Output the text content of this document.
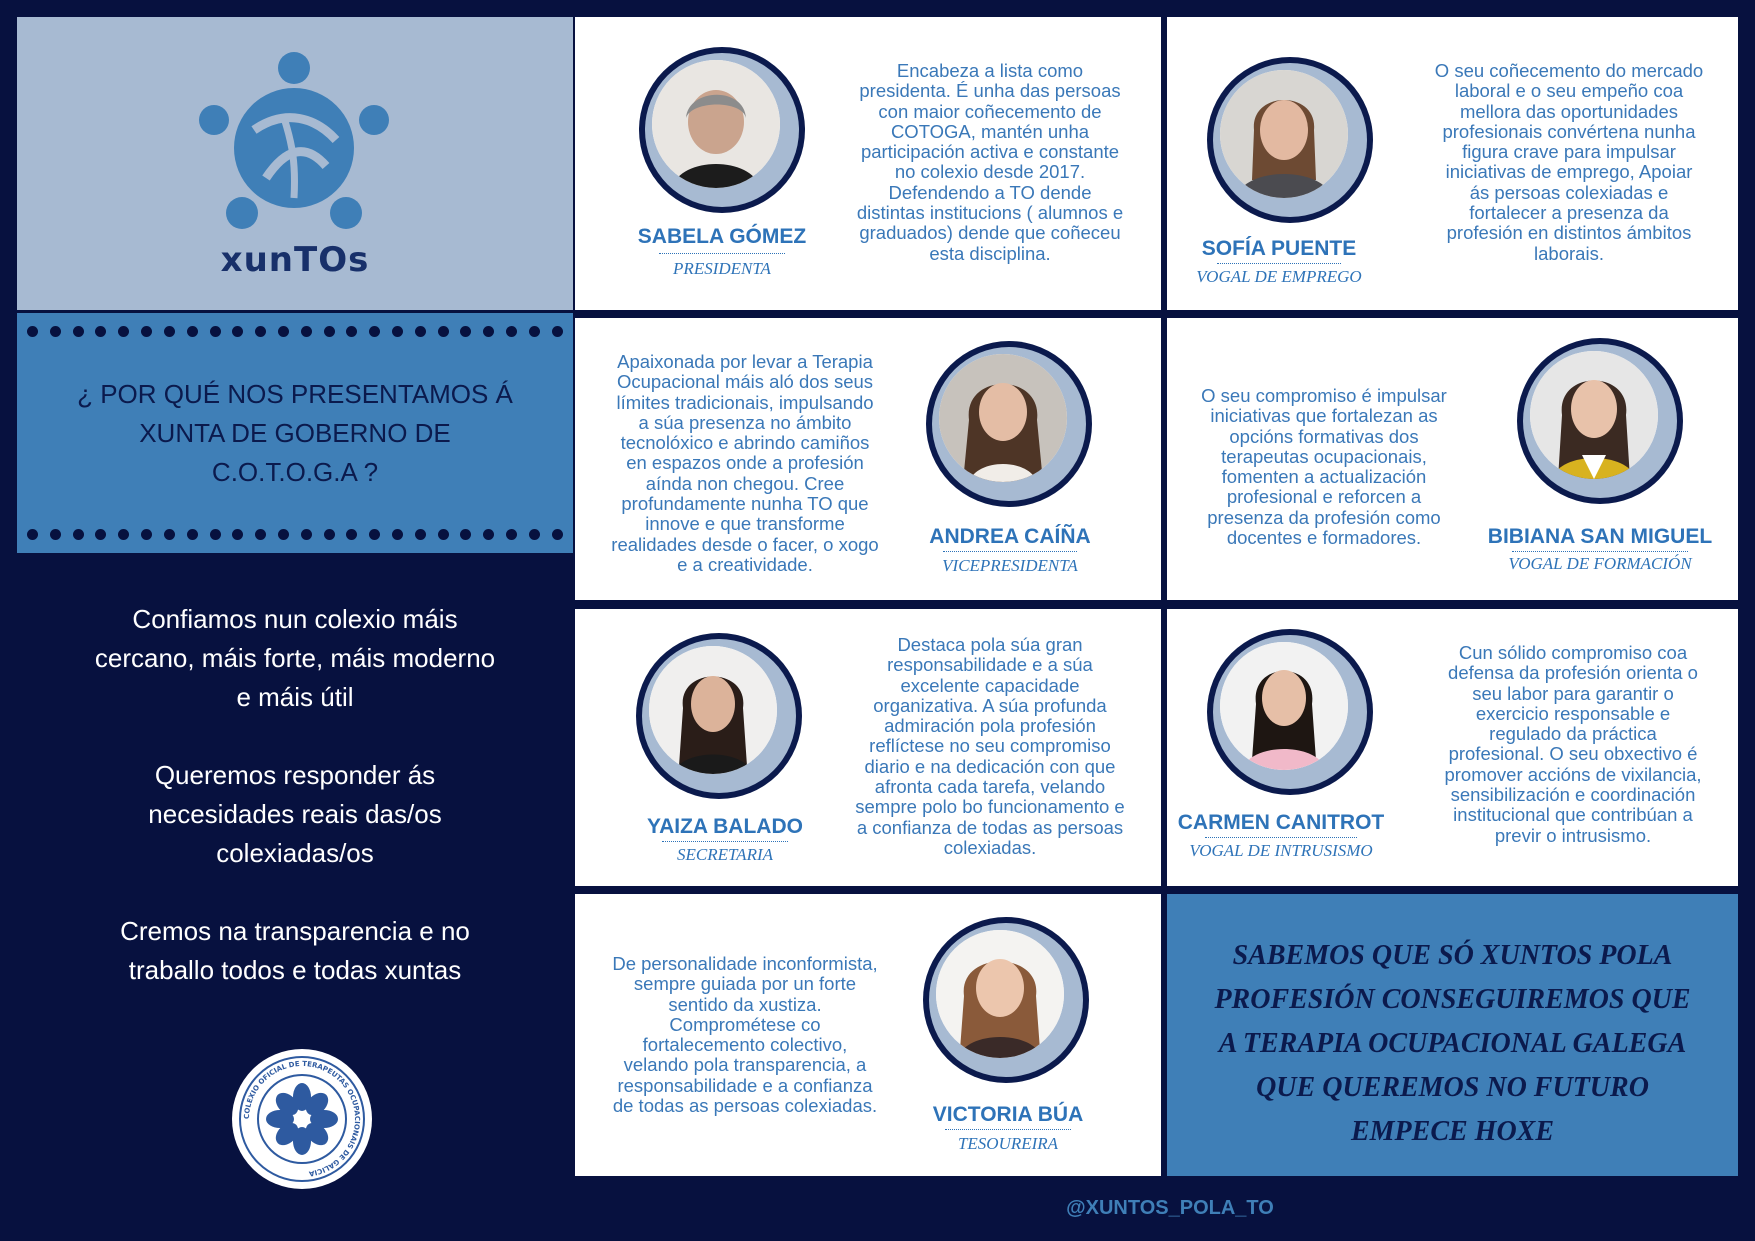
xunTOs
¿ POR QUÉ NOS PRESENTAMOS Á
XUNTA DE GOBERNO DE
C.O.T.O.G.A ?
Confiamos nun colexio máis
cercano, máis forte, máis moderno
e máis útil
Queremos responder ás
necesidades reais das/os
colexiadas/os
Cremos na transparencia e no
traballo todos e todas xuntas
COLEXIO OFICIAL DE TERAPEUTAS OCUPACIONAIS DE GALICIA
SABELA GÓMEZ
PRESIDENTA
Encabeza a lista como
presidenta. É unha das persoas
con maior coñecemento de
COTOGA, mantén unha
participación activa e constante
no colexio desde 2017.
Defendendo a TO dende
distintas institucions ( alumnos e
graduados) dende que coñeceu
esta disciplina.	SOFÍA PUENTE
VOGAL DE EMPREGO
O seu coñecemento do mercado
laboral e o seu empeño coa
mellora das oportunidades
profesionais convértena nunha
figura crave para impulsar
iniciativas de emprego, Apoiar
ás persoas colexiadas e
fortalecer a presenza da
profesión en distintos ámbitos
laborais.
ANDREA CAÍÑA
VICEPRESIDENTA
Apaixonada por levar a Terapia
Ocupacional máis aló dos seus
límites tradicionais, impulsando
a súa presenza no ámbito
tecnolóxico e abrindo camiños
en espazos onde a profesión
aínda non chegou. Cree
profundamente nunha TO que
innove e que transforme
realidades desde o facer, o xogo
e a creatividade.
BIBIANA SAN MIGUEL
VOGAL DE FORMACIÓN
O seu compromiso é impulsar
iniciativas que fortalezan as
opcións formativas dos
terapeutas ocupacionais,
fomenten a actualización
profesional e reforcen a
presenza da profesión como
docentes e formadores.
YAIZA BALADO
SECRETARIA
Destaca pola súa gran
responsabilidade e a súa
excelente capacidade
organizativa. A súa profunda
admiración pola profesión
reflíctese no seu compromiso
diario e na dedicación con que
afronta cada tarefa, velando
sempre polo bo funcionamento e
a confianza de todas as persoas
colexiadas.
CARMEN CANITROT
VOGAL DE INTRUSISMO
Cun sólido compromiso coa
defensa da profesión orienta o
seu labor para garantir o
exercicio responsable e
regulado da práctica
profesional. O seu obxectivo é
promover accións de vixilancia,
sensibilización e coordinación
institucional que contribúan a
previr o intrusismo.
VICTORIA BÚA
TESOUREIRA
De personalidade inconformista,
sempre guiada por un forte
sentido da xustiza.
Comprométese co
fortalecemento colectivo,
velando pola transparencia, a
responsabilidade e a confianza
de todas as persoas colexiadas.
SABEMOS QUE SÓ XUNTOS POLA
PROFESIÓN CONSEGUIREMOS QUE
A TERAPIA OCUPACIONAL GALEGA
QUE QUEREMOS NO FUTURO
EMPECE HOXE
@XUNTOS_POLA_TO
